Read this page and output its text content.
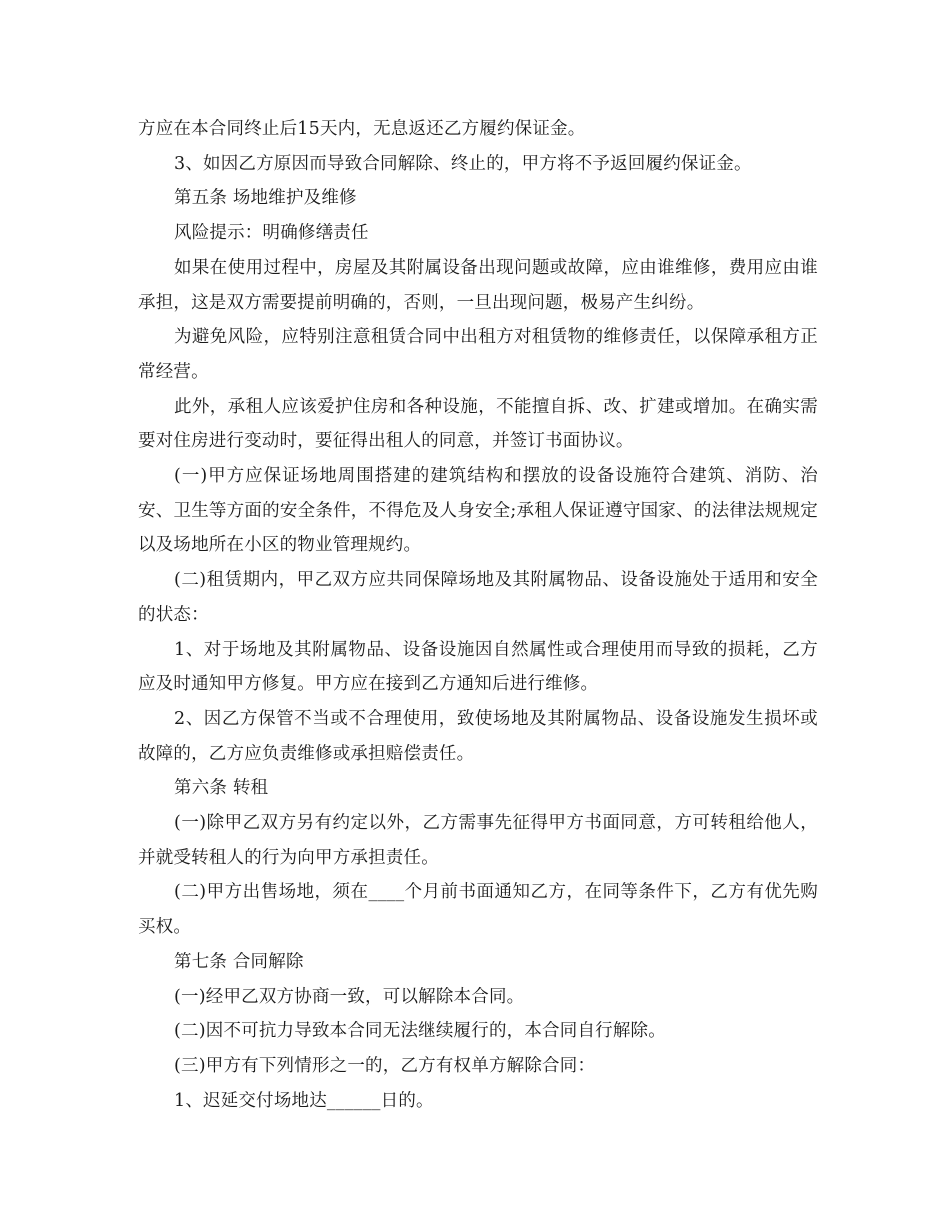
方应在本合同终止后15天内，无息返还乙方履约保证金。

3、如因乙方原因而导致合同解除、终止的，甲方将不予返回履约保证金。

第五条 场地维护及维修

风险提示：明确修缮责任

如果在使用过程中，房屋及其附属设备出现问题或故障，应由谁维修，费用应由谁承担，这是双方需要提前明确的，否则，一旦出现问题，极易产生纠纷。

为避免风险，应特别注意租赁合同中出租方对租赁物的维修责任，以保障承租方正常经营。

此外，承租人应该爱护住房和各种设施，不能擅自拆、改、扩建或增加。在确实需要对住房进行变动时，要征得出租人的同意，并签订书面协议。

(一)甲方应保证场地周围搭建的建筑结构和摆放的设备设施符合建筑、消防、治安、卫生等方面的安全条件，不得危及人身安全;承租人保证遵守国家、的法律法规规定以及场地所在小区的物业管理规约。

(二)租赁期内，甲乙双方应共同保障场地及其附属物品、设备设施处于适用和安全的状态：

1、对于场地及其附属物品、设备设施因自然属性或合理使用而导致的损耗，乙方应及时通知甲方修复。甲方应在接到乙方通知后进行维修。

2、因乙方保管不当或不合理使用，致使场地及其附属物品、设备设施发生损坏或故障的，乙方应负责维修或承担赔偿责任。

第六条 转租

(一)除甲乙双方另有约定以外，乙方需事先征得甲方书面同意，方可转租给他人，并就受转租人的行为向甲方承担责任。

(二)甲方出售场地，须在____个月前书面通知乙方，在同等条件下，乙方有优先购买权。

第七条 合同解除

(一)经甲乙双方协商一致，可以解除本合同。

(二)因不可抗力导致本合同无法继续履行的，本合同自行解除。

(三)甲方有下列情形之一的，乙方有权单方解除合同：

1、迟延交付场地达______日的。
